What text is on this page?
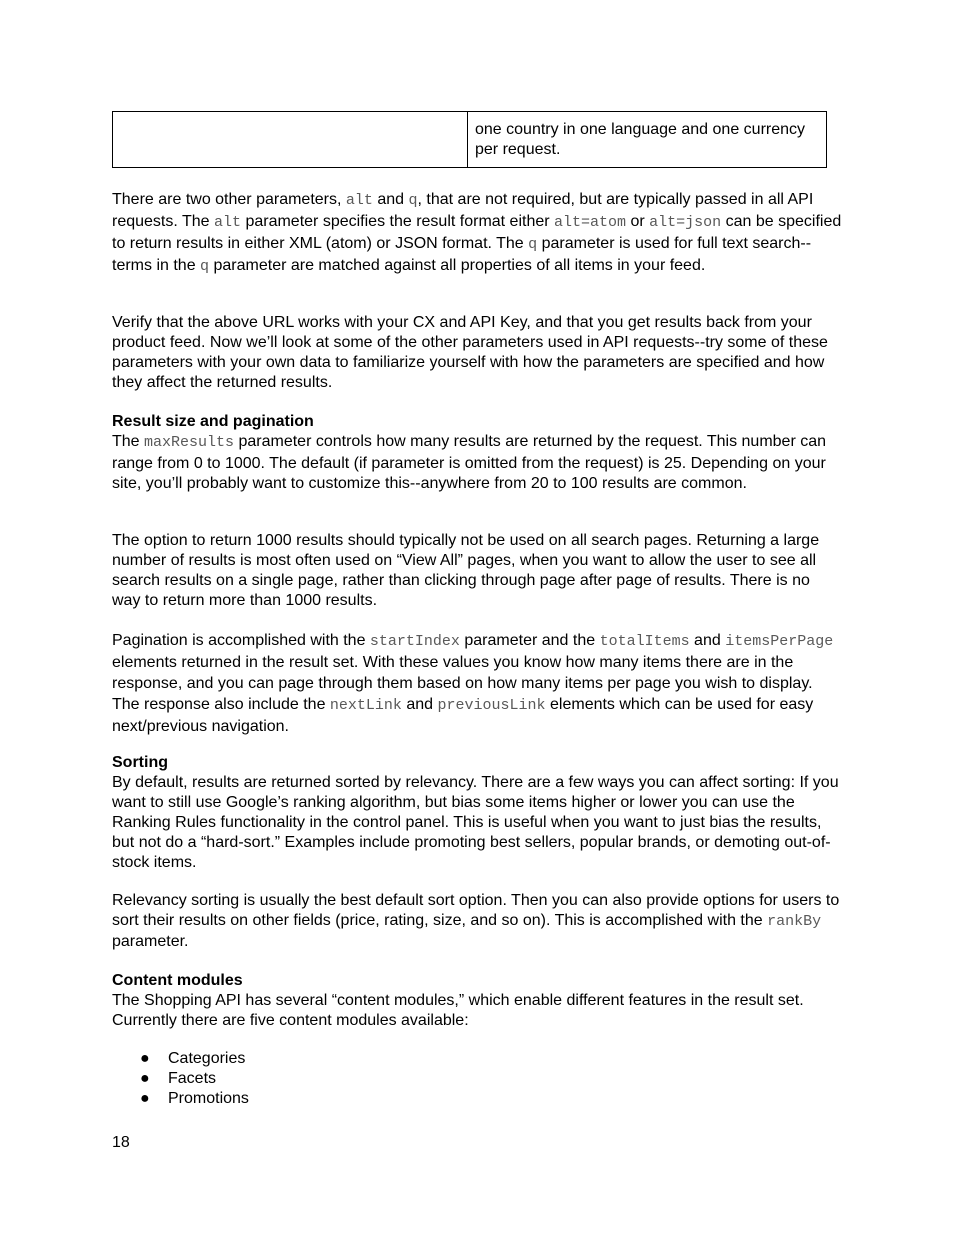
	one country in one language and one currency per request.

There are two other parameters, alt and q, that are not required, but are typically passed in all API requests. The alt parameter specifies the result format either alt=atom or alt=json can be specified to return results in either XML (atom) or JSON format. The q parameter is used for full text search--terms in the q parameter are matched against all properties of all items in your feed.

Verify that the above URL works with your CX and API Key, and that you get results back from your product feed. Now we’ll look at some of the other parameters used in API requests--try some of these parameters with your own data to familiarize yourself with how the parameters are specified and how they affect the returned results.

Result size and pagination

The maxResults parameter controls how many results are returned by the request. This number can range from 0 to 1000. The default (if parameter is omitted from the request) is 25. Depending on your site, you’ll probably want to customize this--anywhere from 20 to 100 results are common.

The option to return 1000 results should typically not be used on all search pages. Returning a large number of results is most often used on “View All” pages, when you want to allow the user to see all search results on a single page, rather than clicking through page after page of results. There is no way to return more than 1000 results.

Pagination is accomplished with the startIndex parameter and the totalItems and itemsPerPage elements returned in the result set. With these values you know how many items there are in the response, and you can page through them based on how many items per page you wish to display. The response also include the nextLink and previousLink elements which can be used for easy next/previous navigation.

Sorting

By default, results are returned sorted by relevancy. There are a few ways you can affect sorting: If you want to still use Google’s ranking algorithm, but bias some items higher or lower you can use the Ranking Rules functionality in the control panel. This is useful when you want to just bias the results, but not do a “hard-sort.” Examples include promoting best sellers, popular brands, or demoting out-of-stock items.

Relevancy sorting is usually the best default sort option. Then you can also provide options for users to sort their results on other fields (price, rating, size, and so on). This is accomplished with the rankBy parameter.

Content modules

The Shopping API has several “content modules,” which enable different features in the result set. Currently there are five content modules available:

● Categories
● Facets
● Promotions
18
